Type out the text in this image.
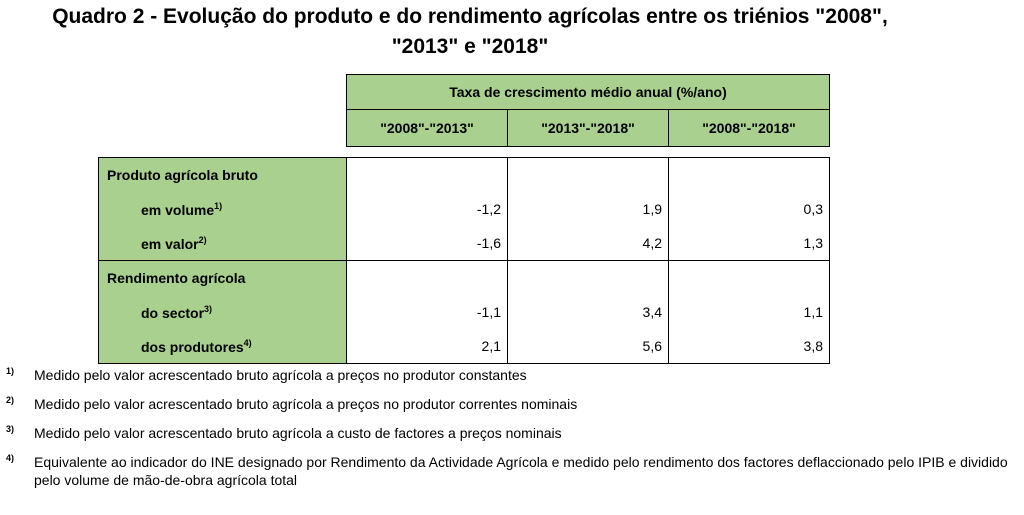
Quadro 2 - Evolução do produto e do rendimento agrícolas entre os triénios "2008",
"2013" e "2018"
	Taxa de crescimento médio anual (%/ano)		
	"2008"-"2013"	"2013"-"2018"	"2008"-"2018"

Produto agrícola bruto			
em volume$^{1)}$	-1,2	1,9	0,3
em valor$^{2)}$	-1,6	4,2	1,3
Rendimento agrícola			
do sector$^{3)}$	-1,1	3,4	1,1
dos produtores$^{4)}$	2,1	5,6	3,8
1) Medido pelo valor acrescentado bruto agrícola a preços no produtor constantes
2) Medido pelo valor acrescentado bruto agrícola a preços no produtor correntes nominais
3) Medido pelo valor acrescentado bruto agrícola a custo de factores a preços nominais
4) Equivalente ao indicador do INE designado por Rendimento da Actividade Agrícola e medido pelo rendimento dos factores deflaccionado pelo IPIB e dividido pelo volume de mão-de-obra agrícola total
